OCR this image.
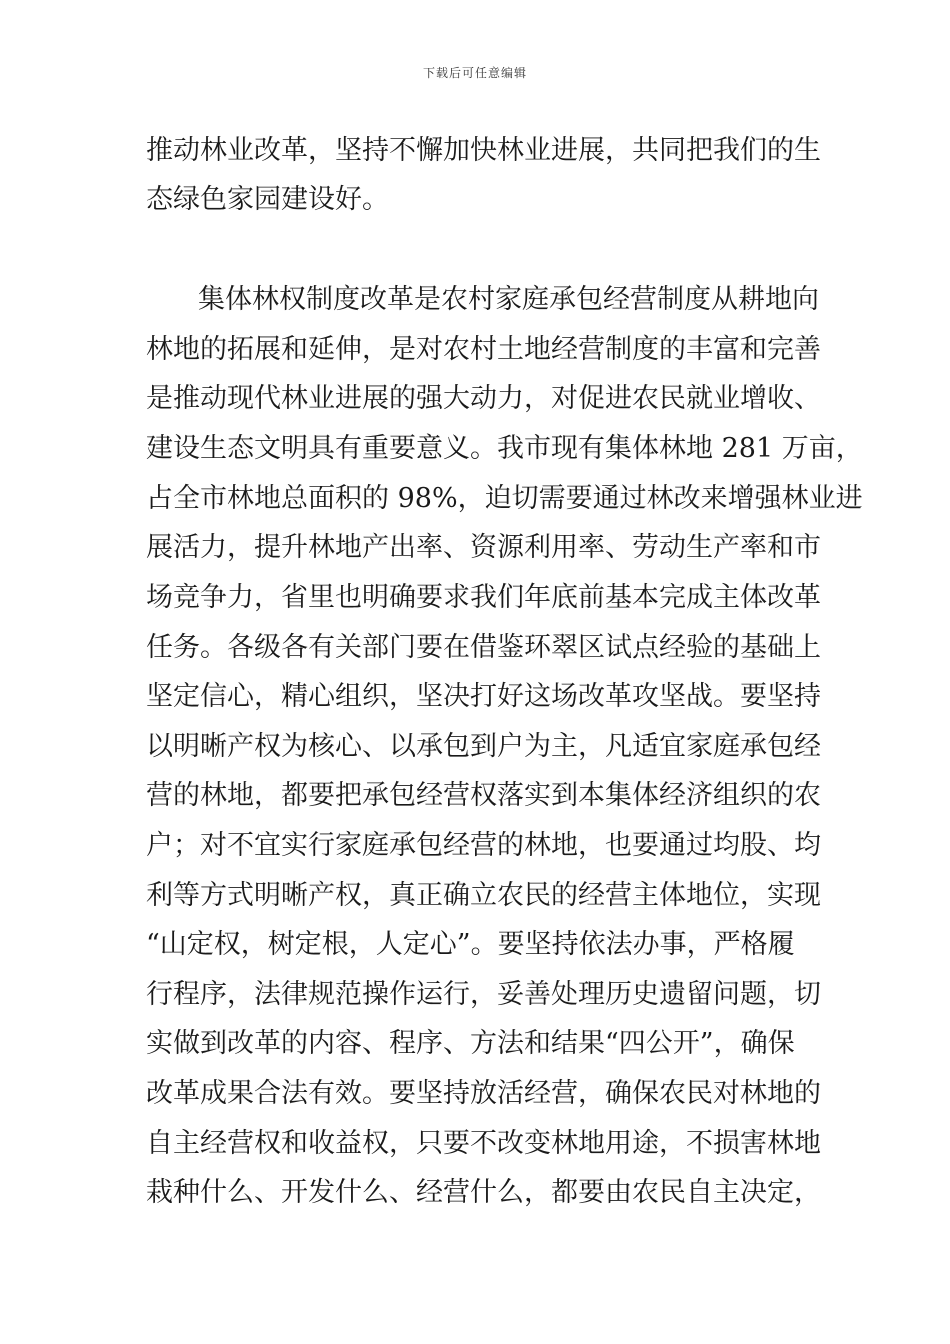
下载后可任意编辑
推动林业改革，坚持不懈加快林业进展，共同把我们的生
态绿色家园建设好。
集体林权制度改革是农村家庭承包经营制度从耕地向
林地的拓展和延伸，是对农村土地经营制度的丰富和完善
是推动现代林业进展的强大动力，对促进农民就业增收、
建设生态文明具有重要意义。我市现有集体林地 281 万亩，
占全市林地总面积的 98%，迫切需要通过林改来增强林业进
展活力，提升林地产出率、资源利用率、劳动生产率和市
场竞争力，省里也明确要求我们年底前基本完成主体改革
任务。各级各有关部门要在借鉴环翠区试点经验的基础上
坚定信心，精心组织，坚决打好这场改革攻坚战。要坚持
以明晰产权为核心、以承包到户为主，凡适宜家庭承包经
营的林地，都要把承包经营权落实到本集体经济组织的农
户；对不宜实行家庭承包经营的林地，也要通过均股、均
利等方式明晰产权，真正确立农民的经营主体地位，实现
“山定权，树定根，人定心”。要坚持依法办事，严格履
行程序，法律规范操作运行，妥善处理历史遗留问题，切
实做到改革的内容、程序、方法和结果“四公开”，确保
改革成果合法有效。要坚持放活经营，确保农民对林地的
自主经营权和收益权，只要不改变林地用途，不损害林地
栽种什么、开发什么、经营什么，都要由农民自主决定，
